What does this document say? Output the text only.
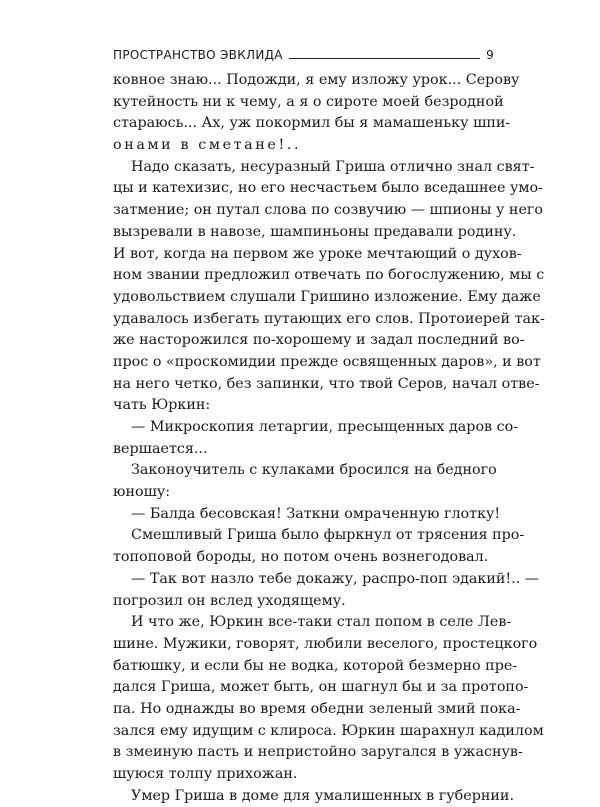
ПРОСТРАНСТВО ЭВКЛИДА	9
ковное знаю... Подожди, я ему изложу урок... Серову
кутейность ни к чему, а я о сироте моей безродной
стараюсь... Ах, уж покормил бы я мамашеньку шпи-
онами в сметане!..
Надо сказать, несуразный Гриша отлично знал свят-
цы и катехизис, но его несчастьем было вседашнее умо-
затмение; он путал слова по созвучию — шпионы у него
вызревали в навозе, шампиньоны предавали родину.
И вот, когда на первом же уроке мечтающий о духов-
ном звании предложил отвечать по богослужению, мы с
удовольствием слушали Гришино изложение. Ему даже
удавалось избегать путающих его слов. Протоиерей так-
же насторожился по-хорошему и задал последний во-
прос о «проскомидии прежде освященных даров», и вот
на него четко, без запинки, что твой Серов, начал отве-
чать Юркин:
— Микроскопия летаргии, пресыщенных даров со-
вершается...
Законоучитель с кулаками бросился на бедного
юношу:
— Балда бесовская! Заткни омраченную глотку!
Смешливый Гриша было фыркнул от трясения про-
топоповой бороды, но потом очень вознегодовал.
— Так вот назло тебе докажу, распро-поп эдакий!.. —
погрозил он вслед уходящему.
И что же, Юркин все-таки стал попом в селе Лев-
шине. Мужики, говорят, любили веселого, простецкого
батюшку, и если бы не водка, которой безмерно пре-
дался Гриша, может быть, он шагнул бы и за протопо-
па. Но однажды во время обедни зеленый змий пока-
зался ему идущим с клироса. Юркин шарахнул кадилом
в змеиную пасть и непристойно заругался в ужаснув-
шуюся толпу прихожан.
Умер Гриша в доме для умалишенных в губернии.
